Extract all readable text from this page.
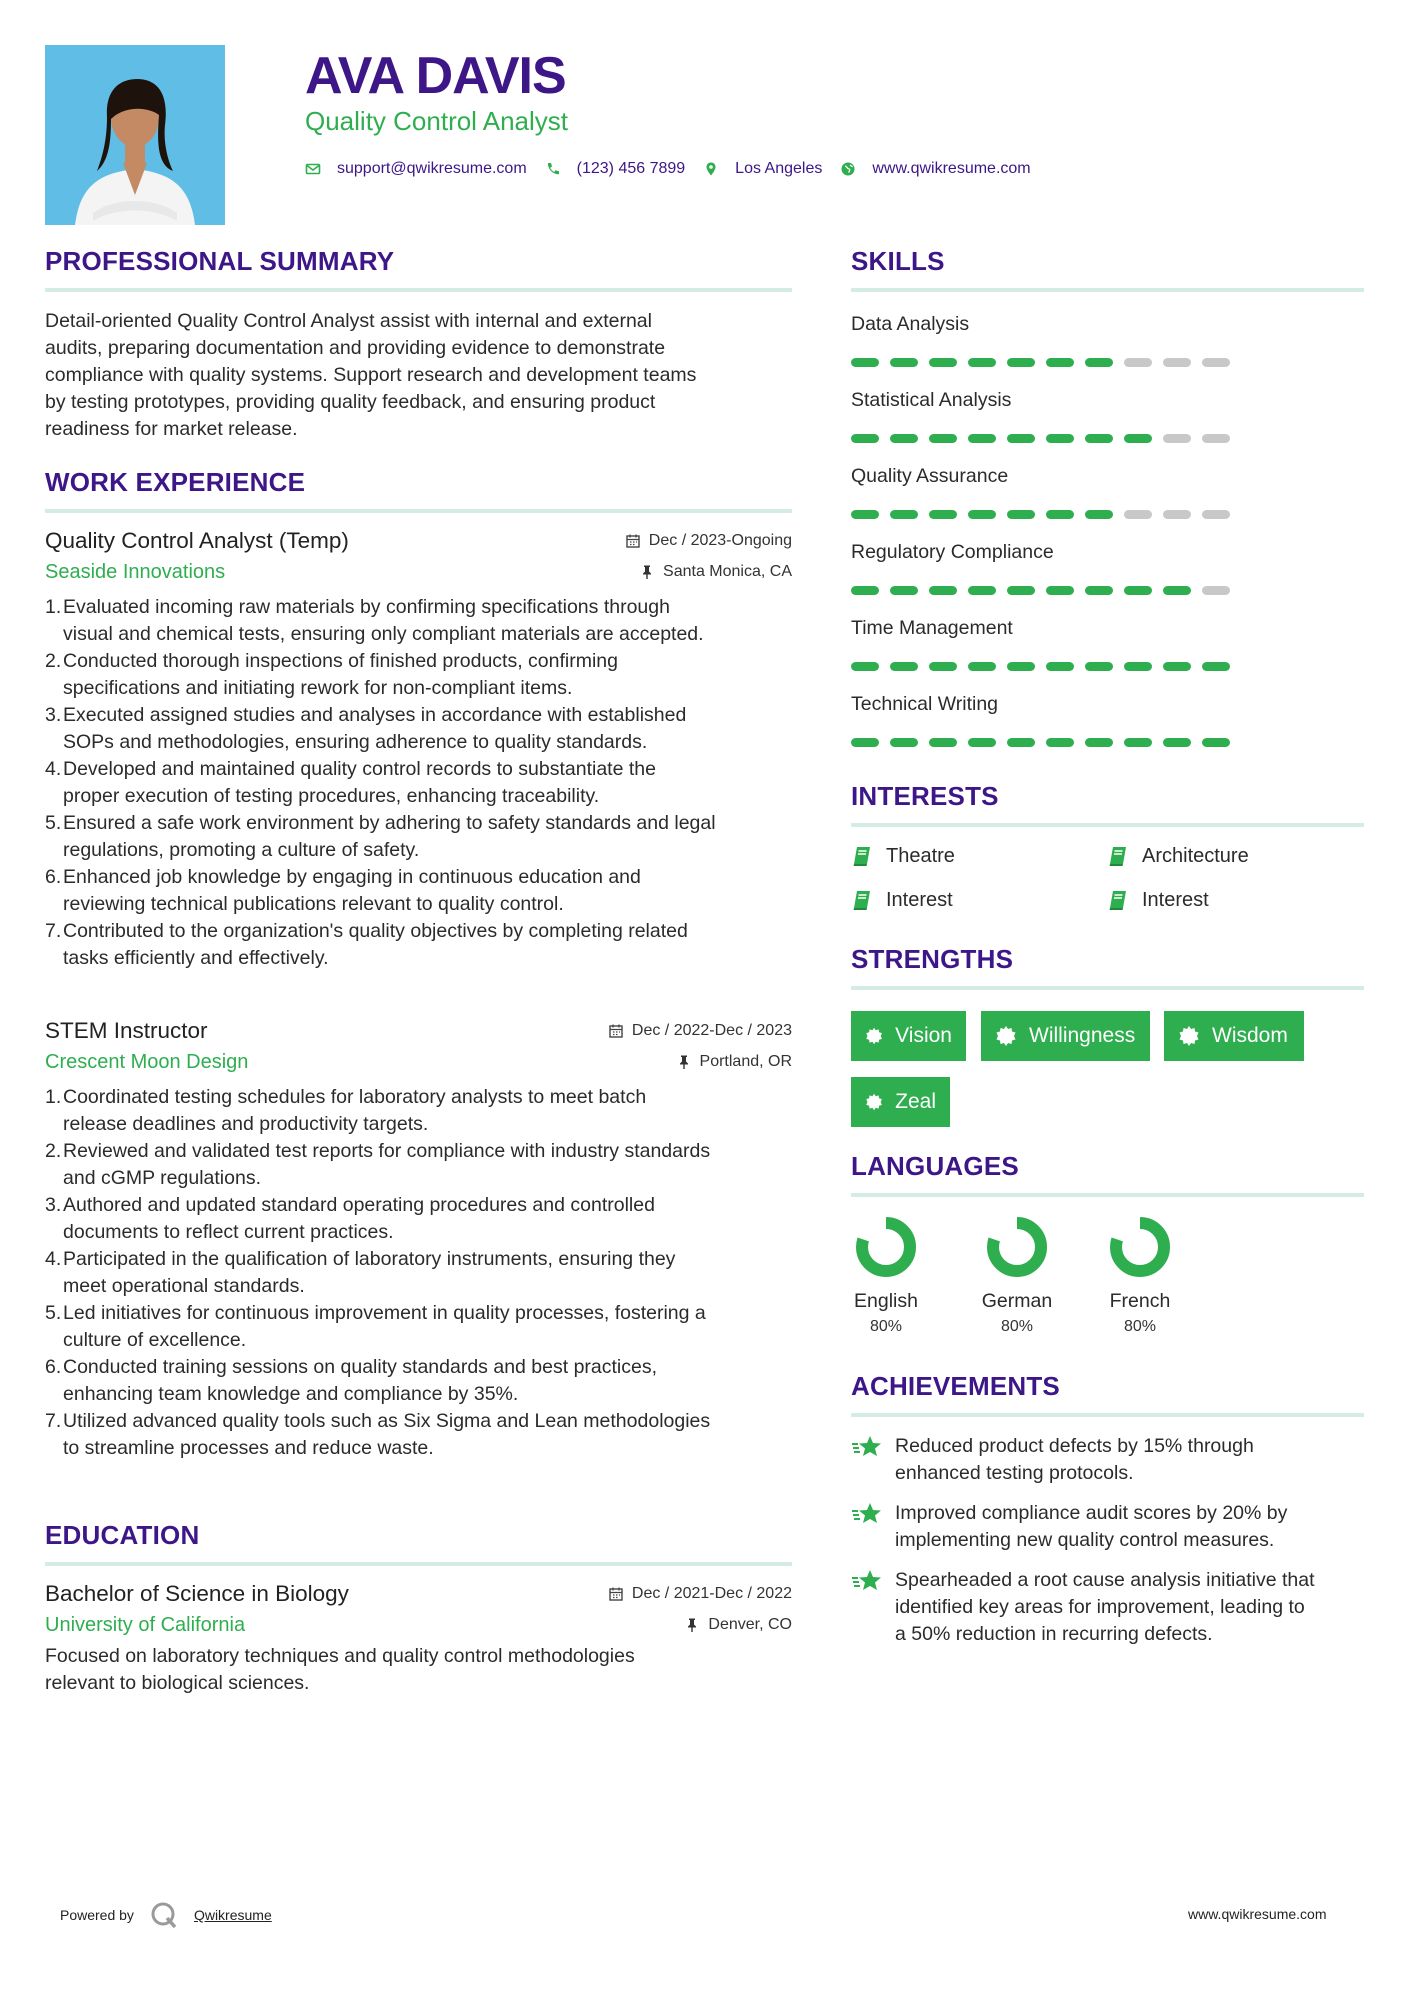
AVA DAVIS
Quality Control Analyst
support@qwikresume.com	(123) 456 7899	Los Angeles	www.qwikresume.com
PROFESSIONAL SUMMARY
Detail-oriented Quality Control Analyst assist with internal and external
audits, preparing documentation and providing evidence to demonstrate
compliance with quality systems. Support research and development teams
by testing prototypes, providing quality feedback, and ensuring product
readiness for market release.
WORK EXPERIENCE
Quality Control Analyst (Temp)	Dec / 2023-Ongoing
Seaside Innovations	Santa Monica, CA
1. Evaluated incoming raw materials by confirming specifications through
visual and chemical tests, ensuring only compliant materials are accepted.
2. Conducted thorough inspections of finished products, confirming
specifications and initiating rework for non-compliant items.
3. Executed assigned studies and analyses in accordance with established
SOPs and methodologies, ensuring adherence to quality standards.
4. Developed and maintained quality control records to substantiate the
proper execution of testing procedures, enhancing traceability.
5. Ensured a safe work environment by adhering to safety standards and legal
regulations, promoting a culture of safety.
6. Enhanced job knowledge by engaging in continuous education and
reviewing technical publications relevant to quality control.
7. Contributed to the organization's quality objectives by completing related
tasks efficiently and effectively.
STEM Instructor	Dec / 2022-Dec / 2023
Crescent Moon Design	Portland, OR
1. Coordinated testing schedules for laboratory analysts to meet batch
release deadlines and productivity targets.
2. Reviewed and validated test reports for compliance with industry standards
and cGMP regulations.
3. Authored and updated standard operating procedures and controlled
documents to reflect current practices.
4. Participated in the qualification of laboratory instruments, ensuring they
meet operational standards.
5. Led initiatives for continuous improvement in quality processes, fostering a
culture of excellence.
6. Conducted training sessions on quality standards and best practices,
enhancing team knowledge and compliance by 35%.
7. Utilized advanced quality tools such as Six Sigma and Lean methodologies
to streamline processes and reduce waste.
EDUCATION
Bachelor of Science in Biology	Dec / 2021-Dec / 2022
University of California	Denver, CO
Focused on laboratory techniques and quality control methodologies
relevant to biological sciences.
SKILLS
Data Analysis
Statistical Analysis
Quality Assurance
Regulatory Compliance
Time Management
Technical Writing
INTERESTS
Theatre	Architecture
Interest	Interest
STRENGTHS
Vision	Willingness	Wisdom
Zeal
LANGUAGES
English
80%
German
80%
French
80%
ACHIEVEMENTS
Reduced product defects by 15% through
enhanced testing protocols.
Improved compliance audit scores by 20% by
implementing new quality control measures.
Spearheaded a root cause analysis initiative that
identified key areas for improvement, leading to
a 50% reduction in recurring defects.
Powered by	Qwikresume	www.qwikresume.com
